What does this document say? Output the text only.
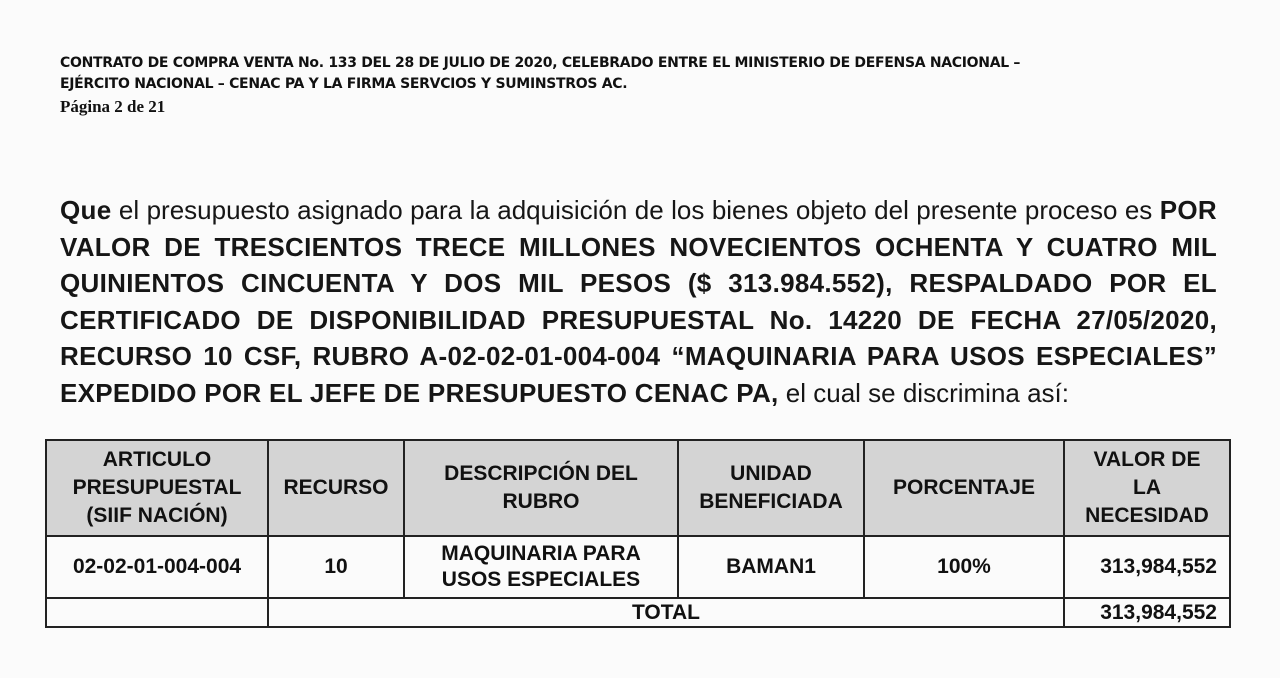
CONTRATO DE COMPRA VENTA No. 133 DEL 28 DE JULIO DE 2020, CELEBRADO ENTRE EL MINISTERIO DE DEFENSA NACIONAL –

EJÉRCITO NACIONAL – CENAC PA Y LA FIRMA SERVCIOS Y SUMINSTROS AC.

Página 2 de 21

Que el presupuesto asignado para la adquisición de los bienes objeto del presente proceso es POR VALOR DE TRESCIENTOS TRECE MILLONES NOVECIENTOS OCHENTA Y CUATRO MIL QUINIENTOS CINCUENTA Y DOS MIL PESOS ($ 313.984.552), RESPALDADO POR EL CERTIFICADO DE DISPONIBILIDAD PRESUPUESTAL No. 14220 DE FECHA 27/05/2020, RECURSO 10 CSF, RUBRO A-02-02-01-004-004 “MAQUINARIA PARA USOS ESPECIALES” EXPEDIDO POR EL JEFE DE PRESUPUESTO CENAC PA, el cual se discrimina así:

ARTICULO PRESUPUESTAL (SIIF NACIÓN)	RECURSO	DESCRIPCIÓN DEL RUBRO	UNIDAD BENEFICIADA	PORCENTAJE	VALOR DE LA NECESIDAD
02-02-01-004-004	10	MAQUINARIA PARA USOS ESPECIALES	BAMAN1	100%	313,984,552
	TOTAL				313,984,552
